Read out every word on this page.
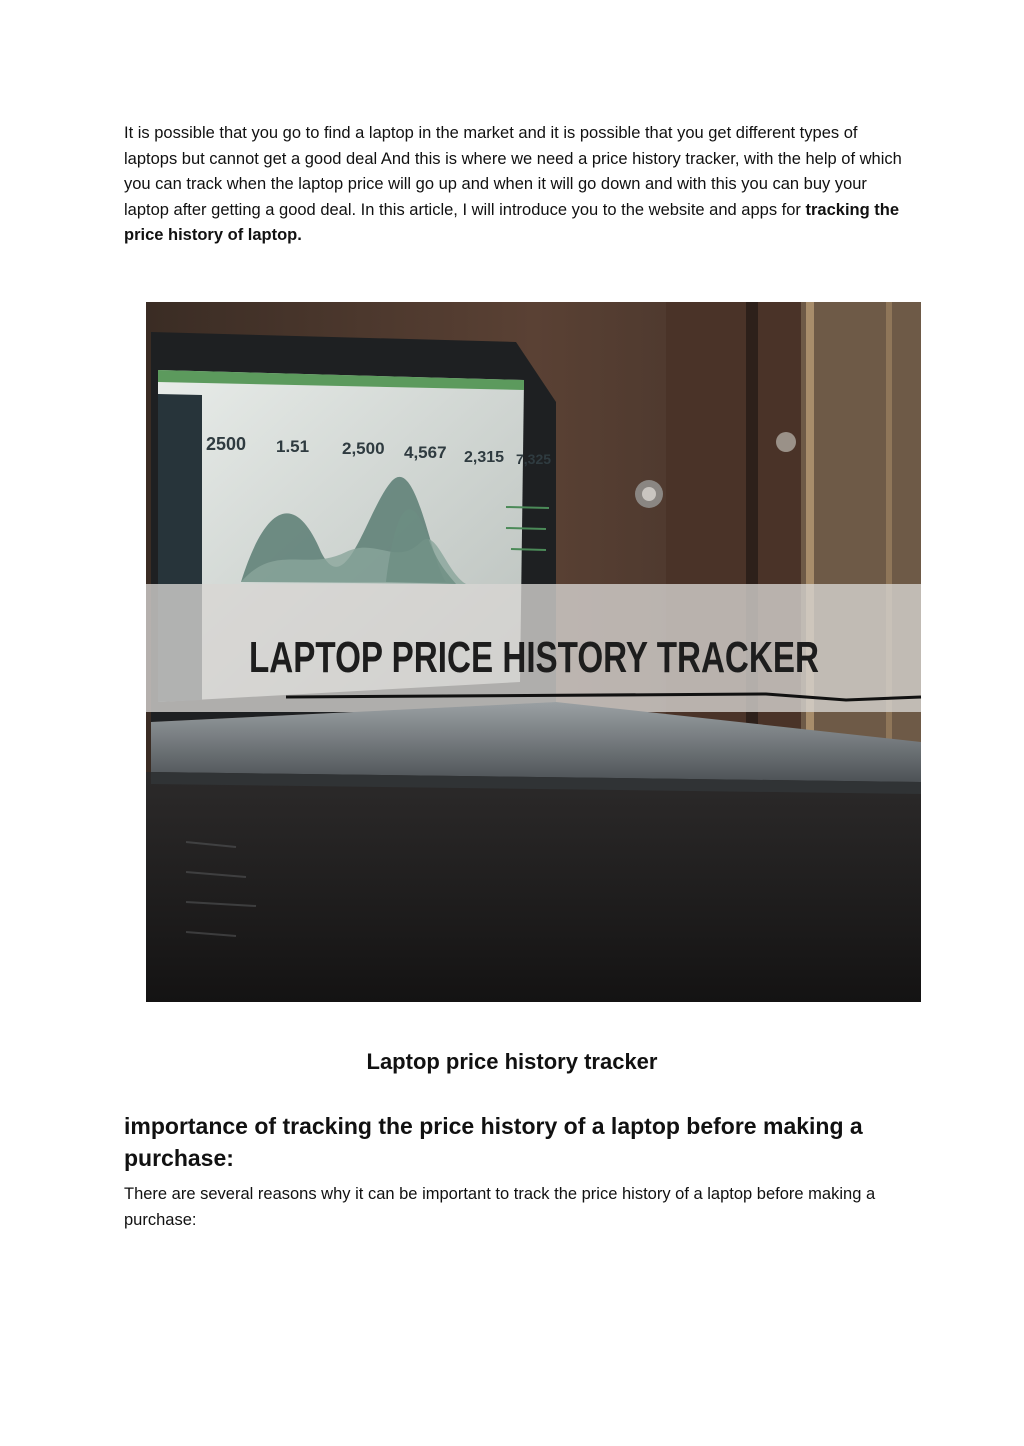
It is possible that you go to find a laptop in the market and it is possible that you get different types of laptops but cannot get a good deal And this is where we need a price history tracker, with the help of which you can track when the laptop price will go up and when it will go down and with this you can buy your laptop after getting a good deal. In this article, I will introduce you to the website and apps for tracking the price history of laptop.

2500 1.51 2,500 4,567 2,315 7,325
LAPTOP PRICE HISTORY TRACKER

Laptop price history tracker

importance of tracking the price history of a laptop before making a purchase:

There are several reasons why it can be important to track the price history of a laptop before making a purchase:
